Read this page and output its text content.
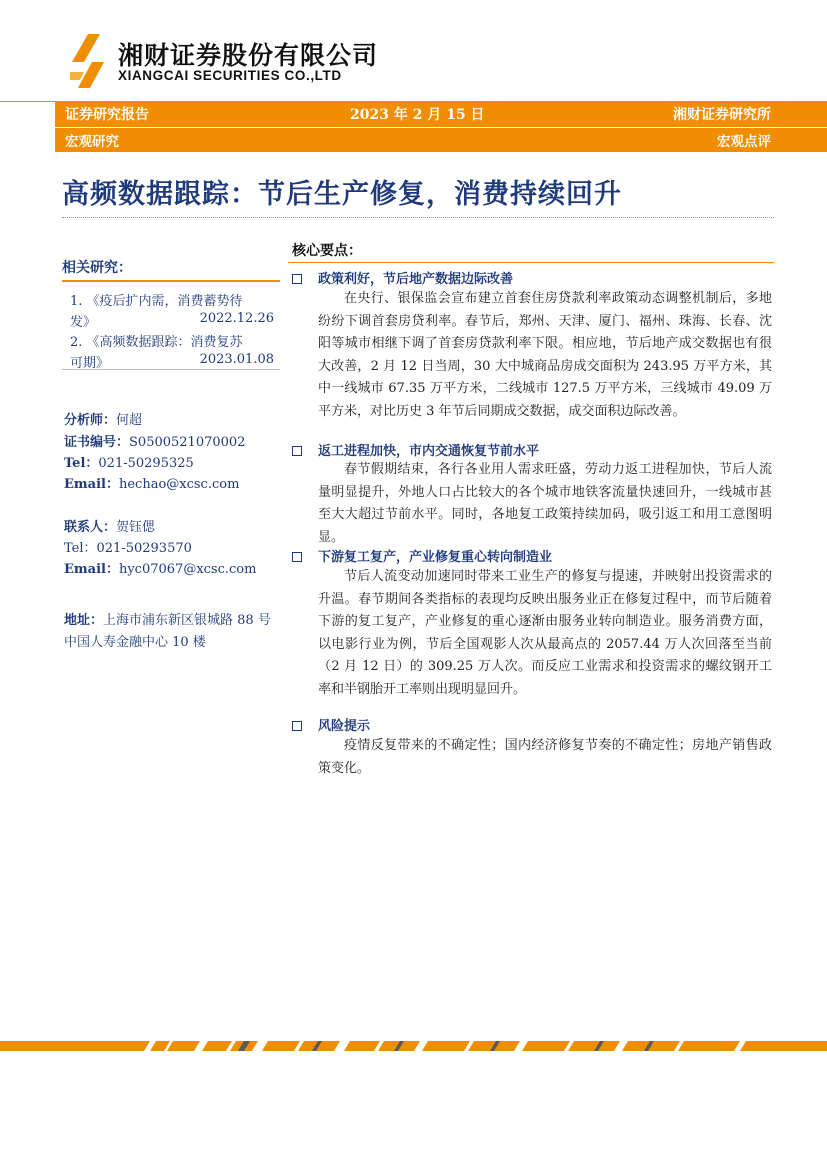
湘财证券股份有限公司
XIANGCAI SECURITIES CO.,LTD
证券研究报告	2023 年 2 月 15 日	湘财证券研究所
宏观研究	宏观点评
高频数据跟踪：节后生产修复，消费持续回升
相关研究：
1. 《疫后扩内需，消费蓄势待
发》	2022.12.26
2. 《高频数据跟踪：消费复苏
可期》	2023.01.08
分析师：何超
证书编号：S0500521070002
Tel：021-50295325
Email：hechao@xcsc.com
联系人：贺钰偲
Tel：021-50293570
Email：hyc07067@xcsc.com
地址：上海市浦东新区银城路 88 号中国人寿金融中心 10 楼
核心要点：
政策利好，节后地产数据边际改善
在央行、银保监会宣布建立首套住房贷款利率政策动态调整机制后，多地纷纷下调首套房贷利率。春节后，郑州、天津、厦门、福州、珠海、长春、沈阳等城市相继下调了首套房贷款利率下限。相应地，节后地产成交数据也有很大改善，2 月 12 日当周，30 大中城商品房成交面积为 243.95 万平方米，其中一线城市 67.35 万平方米，二线城市 127.5 万平方米，三线城市 49.09 万平方米，对比历史 3 年节后同期成交数据，成交面积边际改善。
返工进程加快，市内交通恢复节前水平
春节假期结束，各行各业用人需求旺盛，劳动力返工进程加快，节后人流量明显提升，外地人口占比较大的各个城市地铁客流量快速回升，一线城市甚至大大超过节前水平。同时，各地复工政策持续加码，吸引返工和用工意图明显。
下游复工复产，产业修复重心转向制造业
节后人流变动加速同时带来工业生产的修复与提速，并映射出投资需求的升温。春节期间各类指标的表现均反映出服务业正在修复过程中，而节后随着下游的复工复产，产业修复的重心逐渐由服务业转向制造业。服务消费方面，以电影行业为例，节后全国观影人次从最高点的 2057.44 万人次回落至当前（2 月 12 日）的 309.25 万人次。而反应工业需求和投资需求的螺纹钢开工率和半钢胎开工率则出现明显回升。
风险提示
疫情反复带来的不确定性；国内经济修复节奏的不确定性；房地产销售政策变化。
